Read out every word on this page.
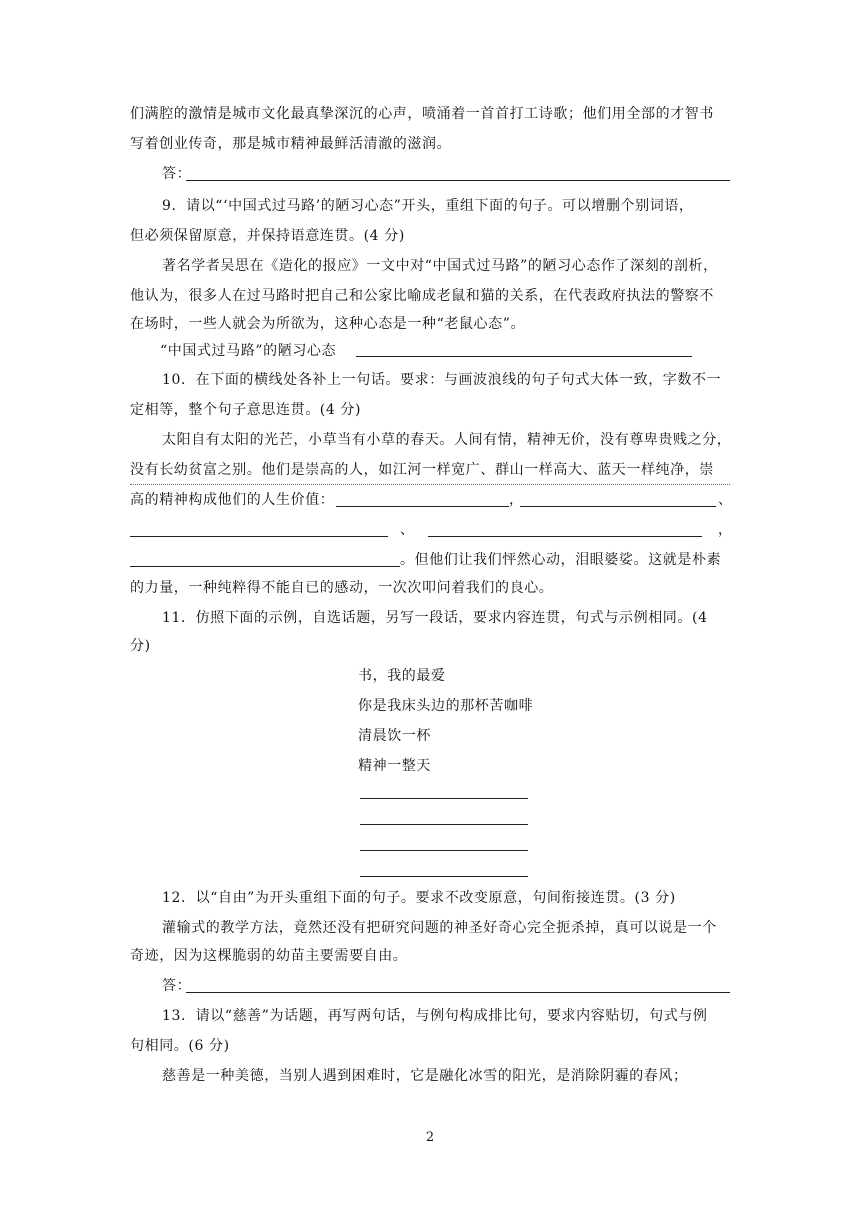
们满腔的激情是城市文化最真挚深沉的心声，喷涌着一首首打工诗歌；他们用全部的才智书
写着创业传奇，那是城市精神最鲜活清澈的滋润。
答：
9．请以“‘中国式过马路’的陋习心态”开头，重组下面的句子。可以增删个别词语，
但必须保留原意，并保持语意连贯。(4 分)
著名学者吴思在《造化的报应》一文中对“中国式过马路”的陋习心态作了深刻的剖析，
他认为，很多人在过马路时把自己和公家比喻成老鼠和猫的关系，在代表政府执法的警察不
在场时，一些人就会为所欲为，这种心态是一种“老鼠心态”。
“中国式过马路”的陋习心态
10．在下面的横线处各补上一句话。要求：与画波浪线的句子句式大体一致，字数不一
定相等，整个句子意思连贯。(4 分)
太阳自有太阳的光芒，小草当有小草的春天。人间有情，精神无价，没有尊卑贵贱之分，
没有长幼贫富之别。他们是崇高的人，如江河一样宽广、群山一样高大、蓝天一样纯净，崇
高的精神构成他们的人生价值：	，	、
、	，
。但他们让我们怦然心动，泪眼婆娑。这就是朴素
的力量，一种纯粹得不能自已的感动，一次次叩问着我们的良心。
11．仿照下面的示例，自选话题，另写一段话，要求内容连贯，句式与示例相同。(4
分)
书，我的最爱
你是我床头边的那杯苦咖啡
清晨饮一杯
精神一整天
12．以“自由”为开头重组下面的句子。要求不改变原意，句间衔接连贯。(3 分)
灌输式的教学方法，竟然还没有把研究问题的神圣好奇心完全扼杀掉，真可以说是一个
奇迹，因为这棵脆弱的幼苗主要需要自由。
答：
13．请以“慈善”为话题，再写两句话，与例句构成排比句，要求内容贴切，句式与例
句相同。(6 分)
慈善是一种美德，当别人遇到困难时，它是融化冰雪的阳光，是消除阴霾的春风；
2
